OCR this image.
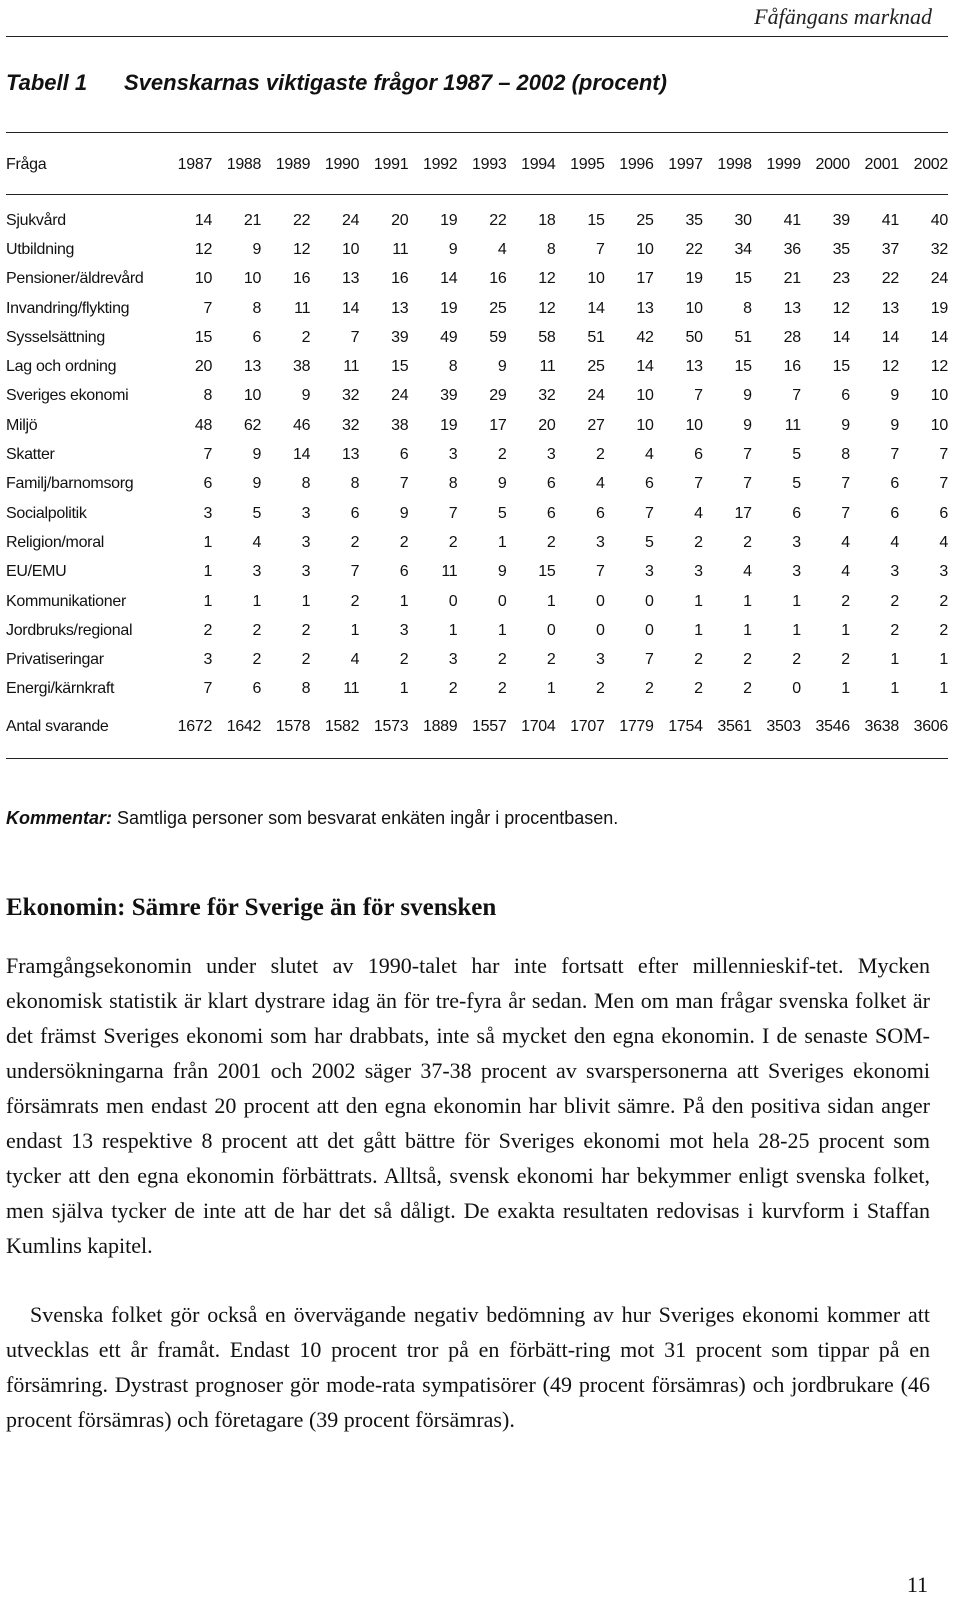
Fåfängans marknad
Tabell 1 Svenskarnas viktigaste frågor 1987 – 2002 (procent)
Fråga	1987	1988	1989	1990	1991	1992	1993	1994	1995	1996	1997	1998	1999	2000	2001	2002
Sjukvård	14	21	22	24	20	19	22	18	15	25	35	30	41	39	41	40
Utbildning	12	9	12	10	11	9	4	8	7	10	22	34	36	35	37	32
Pensioner/äldrevård	10	10	16	13	16	14	16	12	10	17	19	15	21	23	22	24
Invandring/flykting	7	8	11	14	13	19	25	12	14	13	10	8	13	12	13	19
Sysselsättning	15	6	2	7	39	49	59	58	51	42	50	51	28	14	14	14
Lag och ordning	20	13	38	11	15	8	9	11	25	14	13	15	16	15	12	12
Sveriges ekonomi	8	10	9	32	24	39	29	32	24	10	7	9	7	6	9	10
Miljö	48	62	46	32	38	19	17	20	27	10	10	9	11	9	9	10
Skatter	7	9	14	13	6	3	2	3	2	4	6	7	5	8	7	7
Familj/barnomsorg	6	9	8	8	7	8	9	6	4	6	7	7	5	7	6	7
Socialpolitik	3	5	3	6	9	7	5	6	6	7	4	17	6	7	6	6
Religion/moral	1	4	3	2	2	2	1	2	3	5	2	2	3	4	4	4
EU/EMU	1	3	3	7	6	11	9	15	7	3	3	4	3	4	3	3
Kommunikationer	1	1	1	2	1	0	0	1	0	0	1	1	1	2	2	2
Jordbruks/regional	2	2	2	1	3	1	1	0	0	0	1	1	1	1	2	2
Privatiseringar	3	2	2	4	2	3	2	2	3	7	2	2	2	2	1	1
Energi/kärnkraft	7	6	8	11	1	2	2	1	2	2	2	2	0	1	1	1
Antal svarande	1672	1642	1578	1582	1573	1889	1557	1704	1707	1779	1754	3561	3503	3546	3638	3606
Kommentar: Samtliga personer som besvarat enkäten ingår i procentbasen.
Ekonomin: Sämre för Sverige än för svensken

Framgångsekonomin under slutet av 1990-talet har inte fortsatt efter millennieskif-tet. Mycken ekonomisk statistik är klart dystrare idag än för tre-fyra år sedan. Men om man frågar svenska folket är det främst Sveriges ekonomi som har drabbats, inte så mycket den egna ekonomin. I de senaste SOM-undersökningarna från 2001 och 2002 säger 37-38 procent av svarspersonerna att Sveriges ekonomi försämrats men endast 20 procent att den egna ekonomin har blivit sämre. På den positiva sidan anger endast 13 respektive 8 procent att det gått bättre för Sveriges ekonomi mot hela 28-25 procent som tycker att den egna ekonomin förbättrats. Alltså, svensk ekonomi har bekymmer enligt svenska folket, men själva tycker de inte att de har det så dåligt. De exakta resultaten redovisas i kurvform i Staffan Kumlins kapitel.

Svenska folket gör också en övervägande negativ bedömning av hur Sveriges ekonomi kommer att utvecklas ett år framåt. Endast 10 procent tror på en förbätt-ring mot 31 procent som tippar på en försämring. Dystrast prognoser gör mode-rata sympatisörer (49 procent försämras) och jordbrukare (46 procent försämras) och företagare (39 procent försämras).

11
